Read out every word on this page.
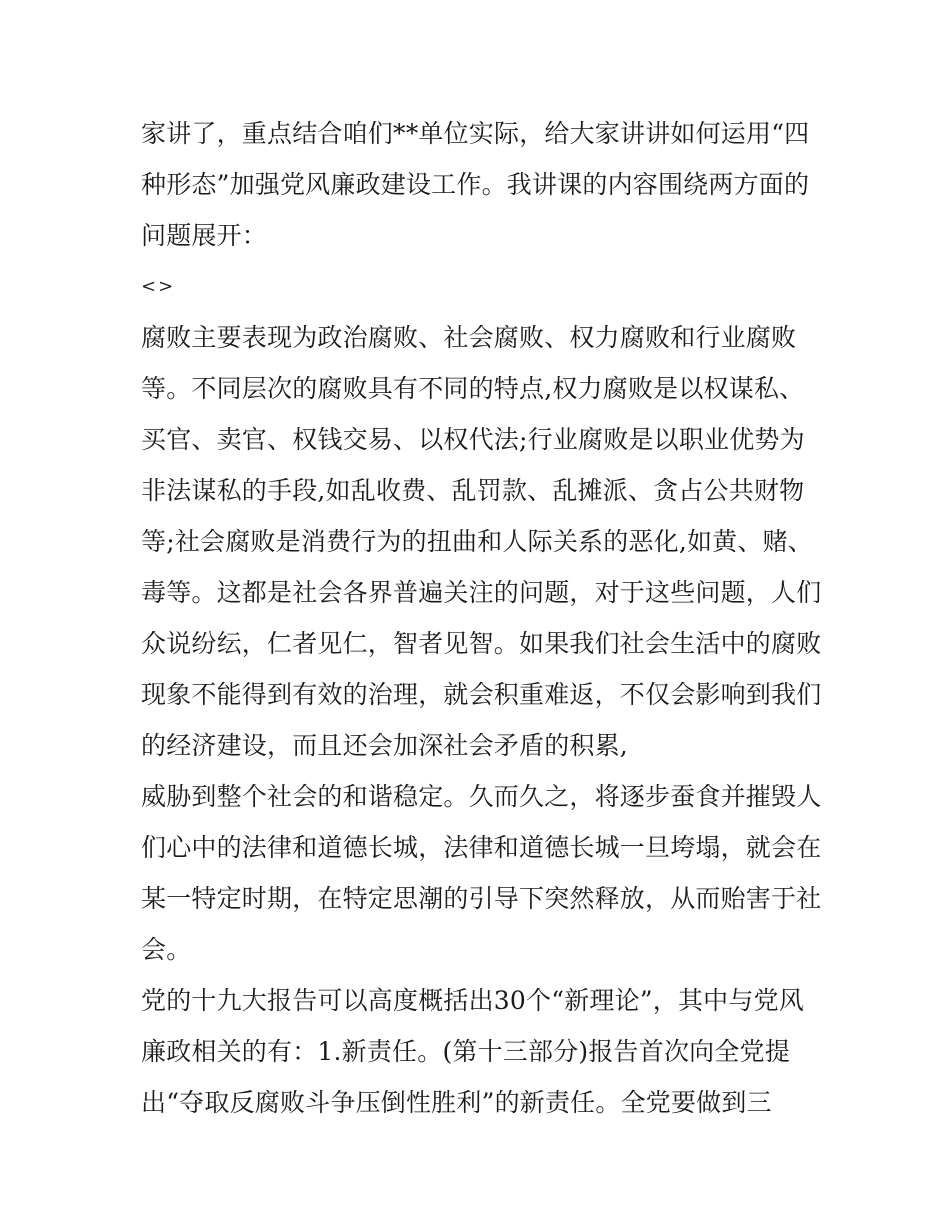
家讲了，重点结合咱们**单位实际，给大家讲讲如何运用“四
种形态”加强党风廉政建设工作。我讲课的内容围绕两方面的
问题展开：
<>
腐败主要表现为政治腐败、社会腐败、权力腐败和行业腐败
等。不同层次的腐败具有不同的特点,权力腐败是以权谋私、
买官、卖官、权钱交易、以权代法;行业腐败是以职业优势为
非法谋私的手段,如乱收费、乱罚款、乱摊派、贪占公共财物
等;社会腐败是消费行为的扭曲和人际关系的恶化,如黄、赌、
毒等。这都是社会各界普遍关注的问题，对于这些问题，人们
众说纷纭，仁者见仁，智者见智。如果我们社会生活中的腐败
现象不能得到有效的治理，就会积重难返，不仅会影响到我们
的经济建设，而且还会加深社会矛盾的积累,
威胁到整个社会的和谐稳定。久而久之，将逐步蚕食并摧毁人
们心中的法律和道德长城，法律和道德长城一旦垮塌，就会在
某一特定时期，在特定思潮的引导下突然释放，从而贻害于社
会。
党的十九大报告可以高度概括出30个“新理论”，其中与党风
廉政相关的有：1.新责任。(第十三部分)报告首次向全党提
出“夺取反腐败斗争压倒性胜利”的新责任。全党要做到三
